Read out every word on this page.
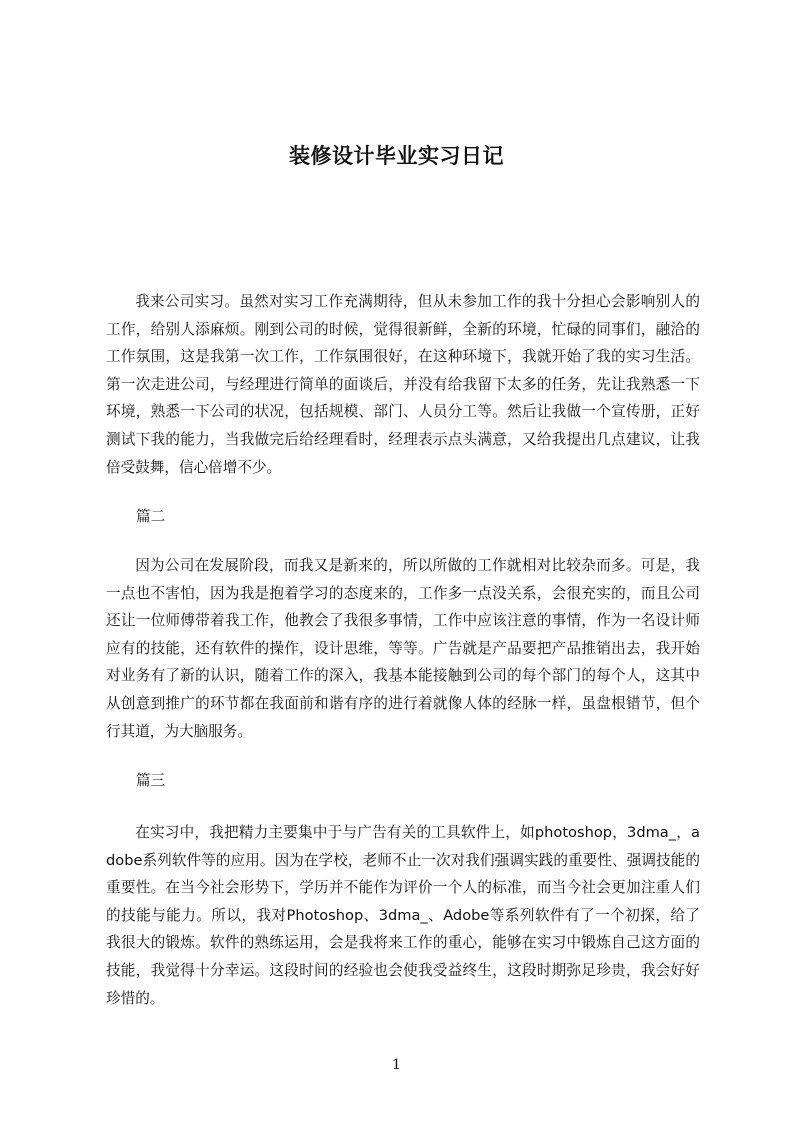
装修设计毕业实习日记

我来公司实习。虽然对实习工作充满期待，但从未参加工作的我十分担心会影响别人的工作，给别人添麻烦。刚到公司的时候，觉得很新鲜，全新的环境，忙碌的同事们，融洽的工作氛围，这是我第一次工作，工作氛围很好，在这种环境下，我就开始了我的实习生活。第一次走进公司，与经理进行简单的面谈后，并没有给我留下太多的任务，先让我熟悉一下环境，熟悉一下公司的状况，包括规模、部门、人员分工等。然后让我做一个宣传册，正好测试下我的能力，当我做完后给经理看时，经理表示点头满意，又给我提出几点建议，让我倍受鼓舞，信心倍增不少。

篇二

因为公司在发展阶段，而我又是新来的，所以所做的工作就相对比较杂而多。可是，我一点也不害怕，因为我是抱着学习的态度来的，工作多一点没关系，会很充实的，而且公司还让一位师傅带着我工作，他教会了我很多事情，工作中应该注意的事情，作为一名设计师应有的技能，还有软件的操作，设计思维，等等。广告就是产品要把产品推销出去，我开始对业务有了新的认识，随着工作的深入，我基本能接触到公司的每个部门的每个人，这其中从创意到推广的环节都在我面前和谐有序的进行着就像人体的经脉一样，虽盘根错节，但个行其道，为大脑服务。

篇三

在实习中，我把精力主要集中于与广告有关的工具软件上，如photoshop，3dma_，adobe系列软件等的应用。因为在学校，老师不止一次对我们强调实践的重要性、强调技能的重要性。在当今社会形势下，学历并不能作为评价一个人的标准，而当今社会更加注重人们的技能与能力。所以，我对Photoshop、3dma_、Adobe等系列软件有了一个初探，给了我很大的锻炼。软件的熟练运用，会是我将来工作的重心，能够在实习中锻炼自己这方面的技能，我觉得十分幸运。这段时间的经验也会使我受益终生，这段时期弥足珍贵，我会好好珍惜的。

1
